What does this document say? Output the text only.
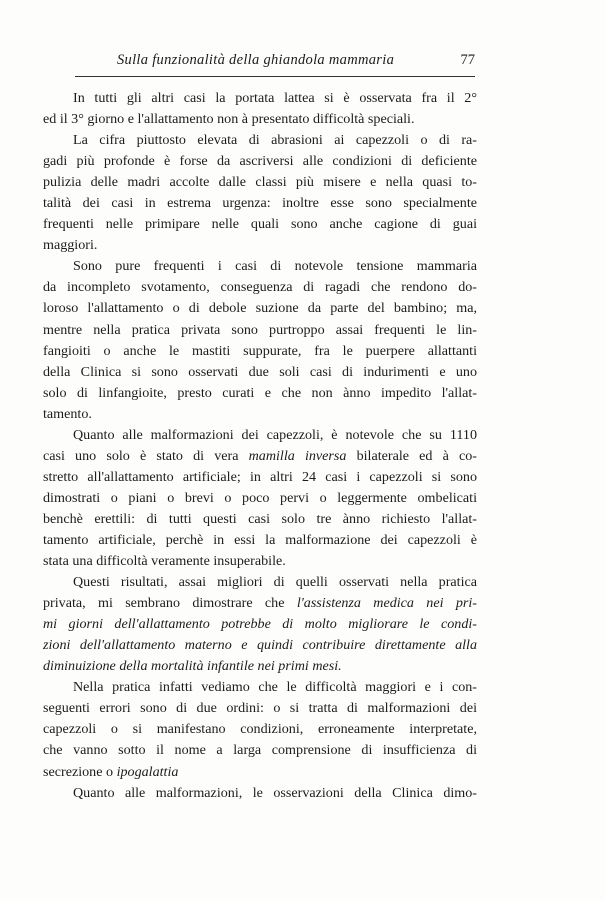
Sulla funzionalità della ghiandola mammaria	77
In tutti gli altri casi la portata lattea si è osservata fra il 2°
ed il 3° giorno e l'allattamento non à presentato difficoltà speciali.
La cifra piuttosto elevata di abrasioni ai capezzoli o di ra-
gadi più profonde è forse da ascriversi alle condizioni di deficiente
pulizia delle madri accolte dalle classi più misere e nella quasi to-
talità dei casi in estrema urgenza: inoltre esse sono specialmente
frequenti nelle primipare nelle quali sono anche cagione di guai
maggiori.
Sono pure frequenti i casi di notevole tensione mammaria
da incompleto svotamento, conseguenza di ragadi che rendono do-
loroso l'allattamento o di debole suzione da parte del bambino; ma,
mentre nella pratica privata sono purtroppo assai frequenti le lin-
fangioiti o anche le mastiti suppurate, fra le puerpere allattanti
della Clinica si sono osservati due soli casi di indurimenti e uno
solo di linfangioite, presto curati e che non ànno impedito l'allat-
tamento.
Quanto alle malformazioni dei capezzoli, è notevole che su 1110
casi uno solo è stato di vera mamilla inversa bilaterale ed à co-
stretto all'allattamento artificiale; in altri 24 casi i capezzoli si sono
dimostrati o piani o brevi o poco pervi o leggermente ombelicati
benchè erettili: di tutti questi casi solo tre ànno richiesto l'allat-
tamento artificiale, perchè in essi la malformazione dei capezzoli è
stata una difficoltà veramente insuperabile.
Questi risultati, assai migliori di quelli osservati nella pratica
privata, mi sembrano dimostrare che l'assistenza medica nei pri-
mi giorni dell'allattamento potrebbe di molto migliorare le condi-
zioni dell'allattamento materno e quindi contribuire direttamente alla
diminuizione della mortalità infantile nei primi mesi.
Nella pratica infatti vediamo che le difficoltà maggiori e i con-
seguenti errori sono di due ordini: o si tratta di malformazioni dei
capezzoli o si manifestano condizioni, erroneamente interpretate,
che vanno sotto il nome a larga comprensione di insufficienza di
secrezione o ipogalattia
Quanto alle malformazioni, le osservazioni della Clinica dimo-
